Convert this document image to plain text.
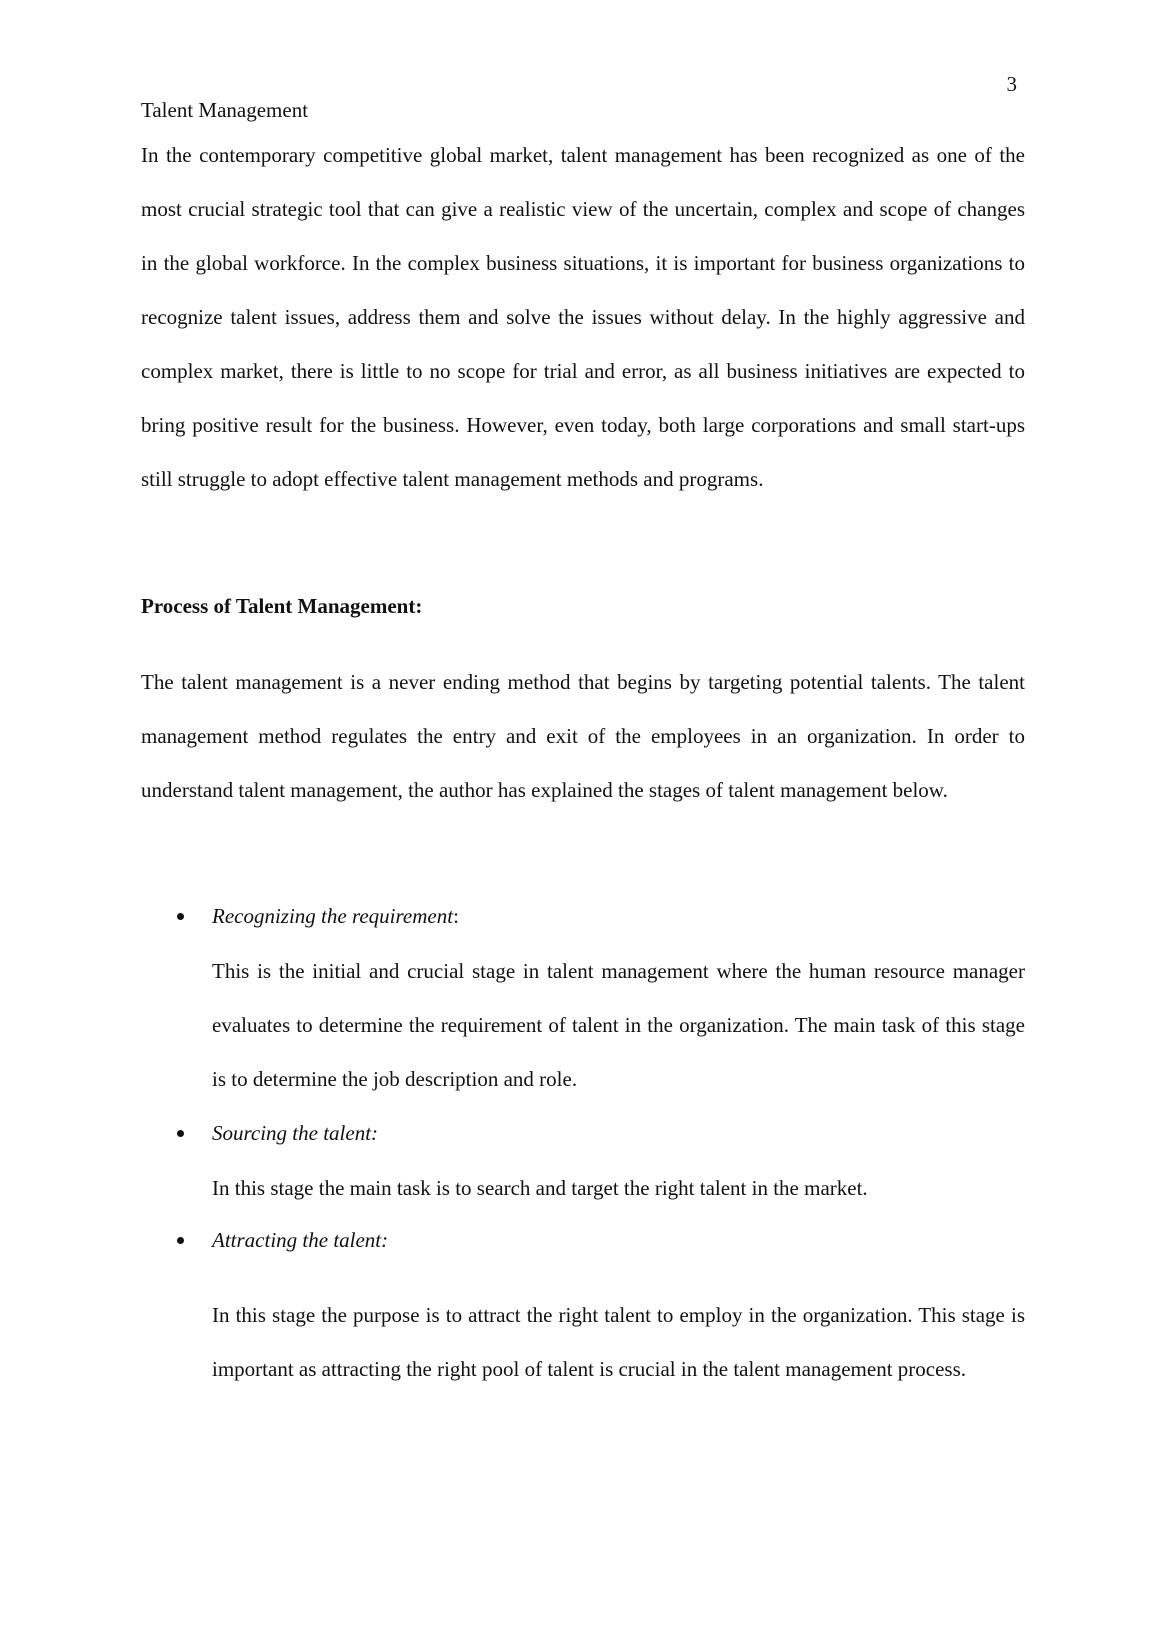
3
Talent Management

In the contemporary competitive global market, talent management has been recognized as one of the most crucial strategic tool that can give a realistic view of the uncertain, complex and scope of changes in the global workforce. In the complex business situations, it is important for business organizations to recognize talent issues, address them and solve the issues without delay. In the highly aggressive and complex market, there is little to no scope for trial and error, as all business initiatives are expected to bring positive result for the business. However, even today, both large corporations and small start-ups still struggle to adopt effective talent management methods and programs.

Process of Talent Management:

The talent management is a never ending method that begins by targeting potential talents. The talent management method regulates the entry and exit of the employees in an organization. In order to understand talent management, the author has explained the stages of talent management below.

Recognizing the requirement:

This is the initial and crucial stage in talent management where the human resource manager evaluates to determine the requirement of talent in the organization. The main task of this stage is to determine the job description and role.

Sourcing the talent:

In this stage the main task is to search and target the right talent in the market.

Attracting the talent:

In this stage the purpose is to attract the right talent to employ in the organization. This stage is important as attracting the right pool of talent is crucial in the talent management process.
